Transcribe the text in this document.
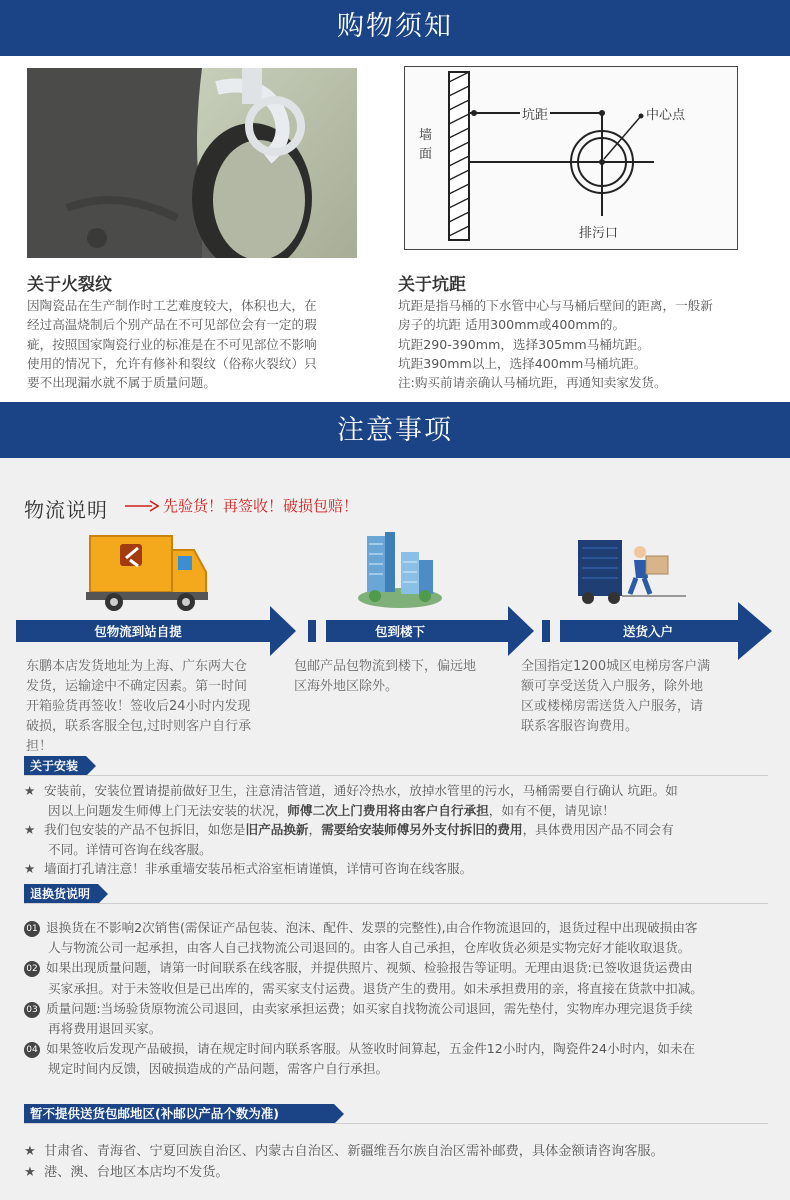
购物须知
墙面
坑距	中心点
排污口
关于火裂纹
因陶瓷品在生产制作时工艺难度较大，体积也大，在
经过高温烧制后个别产品在不可见部位会有一定的瑕
疵，按照国家陶瓷行业的标准是在不可见部位不影响
使用的情况下，允许有修补和裂纹（俗称火裂纹）只
要不出现漏水就不属于质量问题。
关于坑距
坑距是指马桶的下水管中心与马桶后壁间的距离，一般新
房子的坑距 适用300mm或400mm的。
坑距290-390mm，选择305mm马桶坑距。
坑距390mm以上，选择400mm马桶坑距。
注:购买前请亲确认马桶坑距，再通知卖家发货。
注意事项
物流说明	先验货！再签收！破损包赔！
包物流到站自提	包到楼下	送货入户
东鹏本店发货地址为上海、广东两大仓
发货，运输途中不确定因素。第一时间
开箱验货再签收！签收后24小时内发现
破损，联系客服全包,过时则客户自行承
担！
包邮产品包物流到楼下，偏远地
区海外地区除外。
全国指定1200城区电梯房客户满
额可享受送货入户服务，除外地
区或楼梯房需送货入户服务，请
联系客服咨询费用。
关于安装
★ 安装前，安装位置请提前做好卫生，注意清洁管道，通好冷热水，放掉水管里的污水，马桶需要自行确认 坑距。如
因以上问题发生师傅上门无法安装的状况，师傅二次上门费用将由客户自行承担，如有不便，请见谅！
★ 我们包安装的产品不包拆旧，如您是旧产品换新，需要给安装师傅另外支付拆旧的费用，具体费用因产品不同会有
不同。详情可咨询在线客服。
★ 墙面打孔请注意！非承重墙安装吊柜式浴室柜请谨慎，详情可咨询在线客服。
退换货说明
01 退换货在不影响2次销售(需保证产品包装、泡沫、配件、发票的完整性),由合作物流退回的，退货过程中出现破损由客
人与物流公司一起承担，由客人自己找物流公司退回的。由客人自己承担，仓库收货必须是实物完好才能收取退货。
02 如果出现质量问题，请第一时间联系在线客服，并提供照片、视频、检验报告等证明。无理由退货:已签收退货运费由
买家承担。对于未签收但是已出库的，需买家支付运费。退货产生的费用。如未承担费用的亲，将直接在货款中扣减。
03 质量问题:当场验货原物流公司退回，由卖家承担运费；如买家自找物流公司退回，需先垫付，实物库办理完退货手续
再将费用退回买家。
04 如果签收后发现产品破损，请在规定时间内联系客服。从签收时间算起，五金件12小时内，陶瓷件24小时内，如未在
规定时间内反馈，因破损造成的产品问题，需客户自行承担。
暂不提供送货包邮地区(补邮以产品个数为准)
★ 甘肃省、青海省、宁夏回族自治区、内蒙古自治区、新疆维吾尔族自治区需补邮费，具体金额请咨询客服。
★ 港、澳、台地区本店均不发货。
